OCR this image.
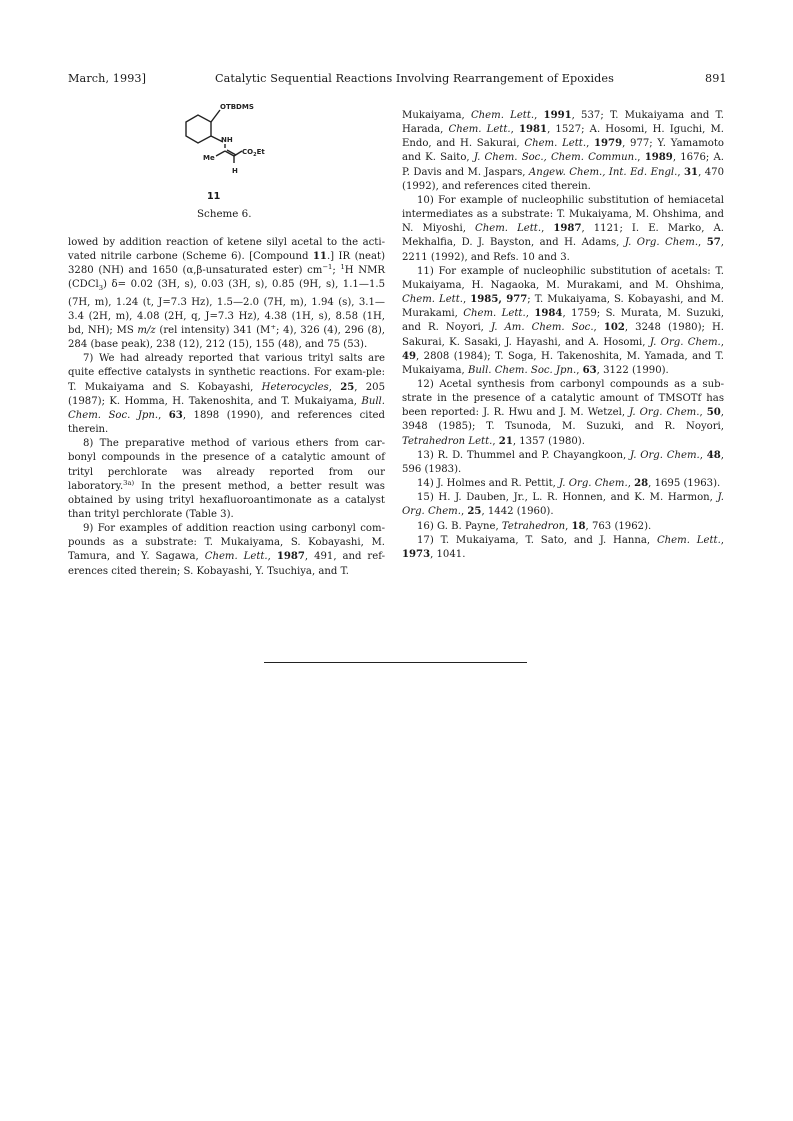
March, 1993]	Catalytic Sequential Reactions Involving Rearrangement of Epoxides	891
OTBDMS
NH
Me
$CO_2Et$
H
11
Scheme 6.

lowed by addition reaction of ketene silyl acetal to the acti-vated nitrile carbone (Scheme 6). [Compound 11.] IR (neat) 3280 (NH) and 1650 (α,β-unsaturated ester) $cm^{-1}$; $^1$H NMR (CDCl$_3$) δ= 0.02 (3H, s), 0.03 (3H, s), 0.85 (9H, s), 1.1—1.5 (7H, m), 1.24 (t, J=7.3 Hz), 1.5—2.0 (7H, m), 1.94 (s), 3.1—3.4 (2H, m), 4.08 (2H, q, J=7.3 Hz), 4.38 (1H, s), 8.58 (1H, bd, NH); MS m/z (rel intensity) 341 (M+; 4), 326 (4), 296 (8), 284 (base peak), 238 (12), 212 (15), 155 (48), and 75 (53).

7) We had already reported that various trityl salts are quite effective catalysts in synthetic reactions. For exam-ple: T. Mukaiyama and S. Kobayashi, Heterocycles, 25, 205 (1987); K. Homma, H. Takenoshita, and T. Mukaiyama, Bull. Chem. Soc. Jpn., 63, 1898 (1990), and references cited therein.

8) The preparative method of various ethers from car-bonyl compounds in the presence of a catalytic amount of trityl perchlorate was already reported from our laboratory.$^{3a)}$ In the present method, a better result was obtained by using trityl hexafluoroantimonate as a catalyst than trityl perchlorate (Table 3).

9) For examples of addition reaction using carbonyl com-pounds as a substrate: T. Mukaiyama, S. Kobayashi, M. Tamura, and Y. Sagawa, Chem. Lett., 1987, 491, and ref-erences cited therein; S. Kobayashi, Y. Tsuchiya, and T.

Mukaiyama, Chem. Lett., 1991, 537; T. Mukaiyama and T. Harada, Chem. Lett., 1981, 1527; A. Hosomi, H. Iguchi, M. Endo, and H. Sakurai, Chem. Lett., 1979, 977; Y. Yamamoto and K. Saito, J. Chem. Soc., Chem. Commun., 1989, 1676; A. P. Davis and M. Jaspars, Angew. Chem., Int. Ed. Engl., 31, 470 (1992), and references cited therein.

10) For example of nucleophilic substitution of hemiacetal intermediates as a substrate: T. Mukaiyama, M. Ohshima, and N. Miyoshi, Chem. Lett., 1987, 1121; I. E. Marko, A. Mekhalfia, D. J. Bayston, and H. Adams, J. Org. Chem., 57, 2211 (1992), and Refs. 10 and 3.

11) For example of nucleophilic substitution of acetals: T. Mukaiyama, H. Nagaoka, M. Murakami, and M. Ohshima, Chem. Lett., 1985, 977; T. Mukaiyama, S. Kobayashi, and M. Murakami, Chem. Lett., 1984, 1759; S. Murata, M. Suzuki, and R. Noyori, J. Am. Chem. Soc., 102, 3248 (1980); H. Sakurai, K. Sasaki, J. Hayashi, and A. Hosomi, J. Org. Chem., 49, 2808 (1984); T. Soga, H. Takenoshita, M. Yamada, and T. Mukaiyama, Bull. Chem. Soc. Jpn., 63, 3122 (1990).

12) Acetal synthesis from carbonyl compounds as a sub-strate in the presence of a catalytic amount of TMSOTf has been reported: J. R. Hwu and J. M. Wetzel, J. Org. Chem., 50, 3948 (1985); T. Tsunoda, M. Suzuki, and R. Noyori, Tetrahedron Lett., 21, 1357 (1980).

13) R. D. Thummel and P. Chayangkoon, J. Org. Chem., 48, 596 (1983).

14) J. Holmes and R. Pettit, J. Org. Chem., 28, 1695 (1963).

15) H. J. Dauben, Jr., L. R. Honnen, and K. M. Harmon, J. Org. Chem., 25, 1442 (1960).

16) G. B. Payne, Tetrahedron, 18, 763 (1962).

17) T. Mukaiyama, T. Sato, and J. Hanna, Chem. Lett., 1973, 1041.
